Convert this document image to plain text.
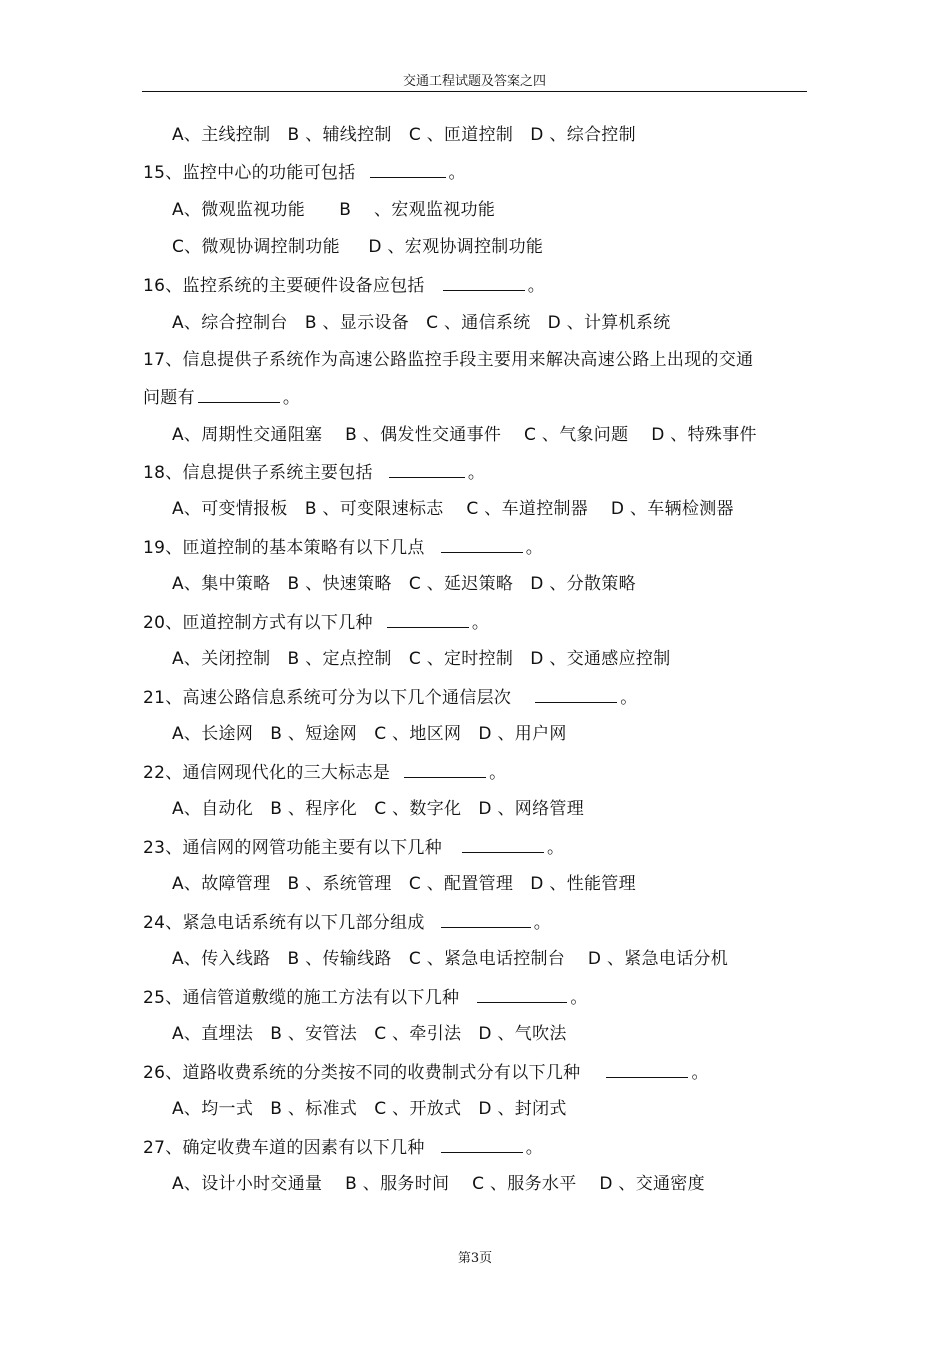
交通工程试题及答案之四
A、主线控制   B 、辅线控制   C 、匝道控制   D 、综合控制
15、监控中心的功能可包括	。
A、微观监视功能      B    、宏观监视功能
C、微观协调控制功能     D 、宏观协调控制功能
16、监控系统的主要硬件设备应包括	。
A、综合控制台   B 、显示设备   C 、通信系统   D 、计算机系统
17、信息提供子系统作为高速公路监控手段主要用来解决高速公路上出现的交通
问题有	。
A、周期性交通阻塞    B 、偶发性交通事件    C 、气象问题    D 、特殊事件
18、信息提供子系统主要包括	。
A、可变情报板   B 、可变限速标志    C 、车道控制器    D 、车辆检测器
19、匝道控制的基本策略有以下几点	。
A、集中策略   B 、快速策略   C 、延迟策略   D 、分散策略
20、匝道控制方式有以下几种	。
A、关闭控制   B 、定点控制   C 、定时控制   D 、交通感应控制
21、高速公路信息系统可分为以下几个通信层次	。
A、长途网   B 、短途网   C 、地区网   D 、用户网
22、通信网现代化的三大标志是	。
A、自动化   B 、程序化   C 、数字化   D 、网络管理
23、通信网的网管功能主要有以下几种	。
A、故障管理   B 、系统管理   C 、配置管理   D 、性能管理
24、紧急电话系统有以下几部分组成	。
A、传入线路   B 、传输线路   C 、紧急电话控制台    D 、紧急电话分机
25、通信管道敷缆的施工方法有以下几种	。
A、直埋法   B 、安管法   C 、牵引法   D 、气吹法
26、道路收费系统的分类按不同的收费制式分有以下几种	。
A、均一式   B 、标准式   C 、开放式   D 、封闭式
27、确定收费车道的因素有以下几种	。
A、设计小时交通量    B 、服务时间    C 、服务水平    D 、交通密度
第3页
